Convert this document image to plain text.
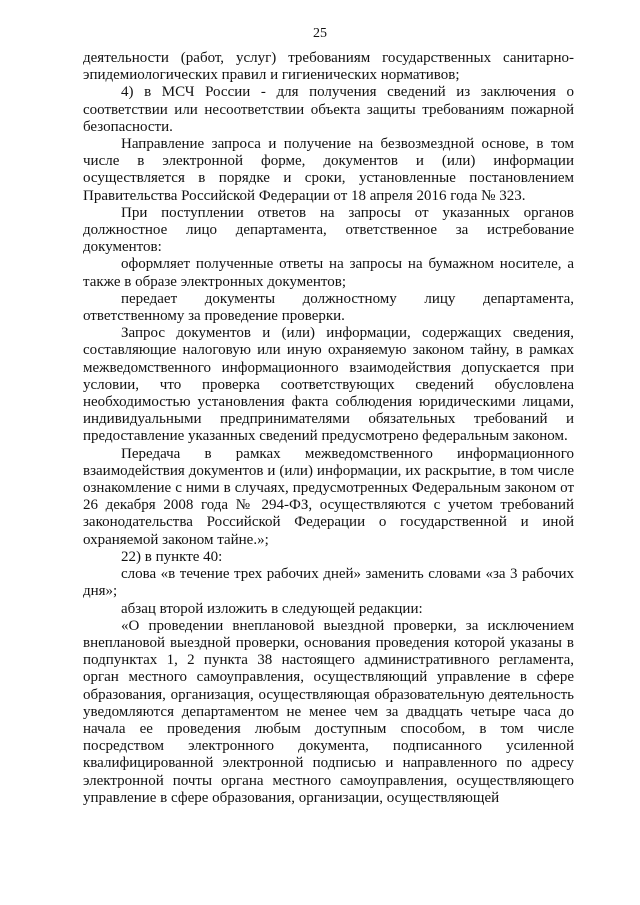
25

деятельности (работ, услуг) требованиям государственных санитарно-эпидемиологических правил и гигиенических нормативов;

4) в МСЧ России - для получения сведений из заключения о соответствии или несоответствии объекта защиты требованиям пожарной безопасности.

Направление запроса и получение на безвозмездной основе, в том числе в электронной форме, документов и (или) информации осуществляется в порядке и сроки, установленные постановлением Правительства Российской Федерации от 18 апреля 2016 года № 323.

При поступлении ответов на запросы от указанных органов должностное лицо департамента, ответственное за истребование документов:

оформляет полученные ответы на запросы на бумажном носителе, а также в образе электронных документов;

передает документы должностному лицу департамента, ответственному за проведение проверки.

Запрос документов и (или) информации, содержащих сведения, составляющие налоговую или иную охраняемую законом тайну, в рамках межведомственного информационного взаимодействия допускается при условии, что проверка соответствующих сведений обусловлена необходимостью установления факта соблюдения юридическими лицами, индивидуальными предпринимателями обязательных требований и предоставление указанных сведений предусмотрено федеральным законом.

Передача в рамках межведомственного информационного взаимодействия документов и (или) информации, их раскрытие, в том числе ознакомление с ними в случаях, предусмотренных Федеральным законом от 26 декабря 2008 года № 294-ФЗ, осуществляются с учетом требований законодательства Российской Федерации о государственной и иной охраняемой законом тайне.»;

22) в пункте 40:

слова «в течение трех рабочих дней» заменить словами «за 3 рабочих дня»;

абзац второй изложить в следующей редакции:

«О проведении внеплановой выездной проверки, за исключением внеплановой выездной проверки, основания проведения которой указаны в подпунктах 1, 2 пункта 38 настоящего административного регламента, орган местного самоуправления, осуществляющий управление в сфере образования, организация, осуществляющая образовательную деятельность уведомляются департаментом не менее чем за двадцать четыре часа до начала ее проведения любым доступным способом, в том числе посредством электронного документа, подписанного усиленной квалифицированной электронной подписью и направленного по адресу электронной почты органа местного самоуправления, осуществляющего управление в сфере образования, организации, осуществляющей
